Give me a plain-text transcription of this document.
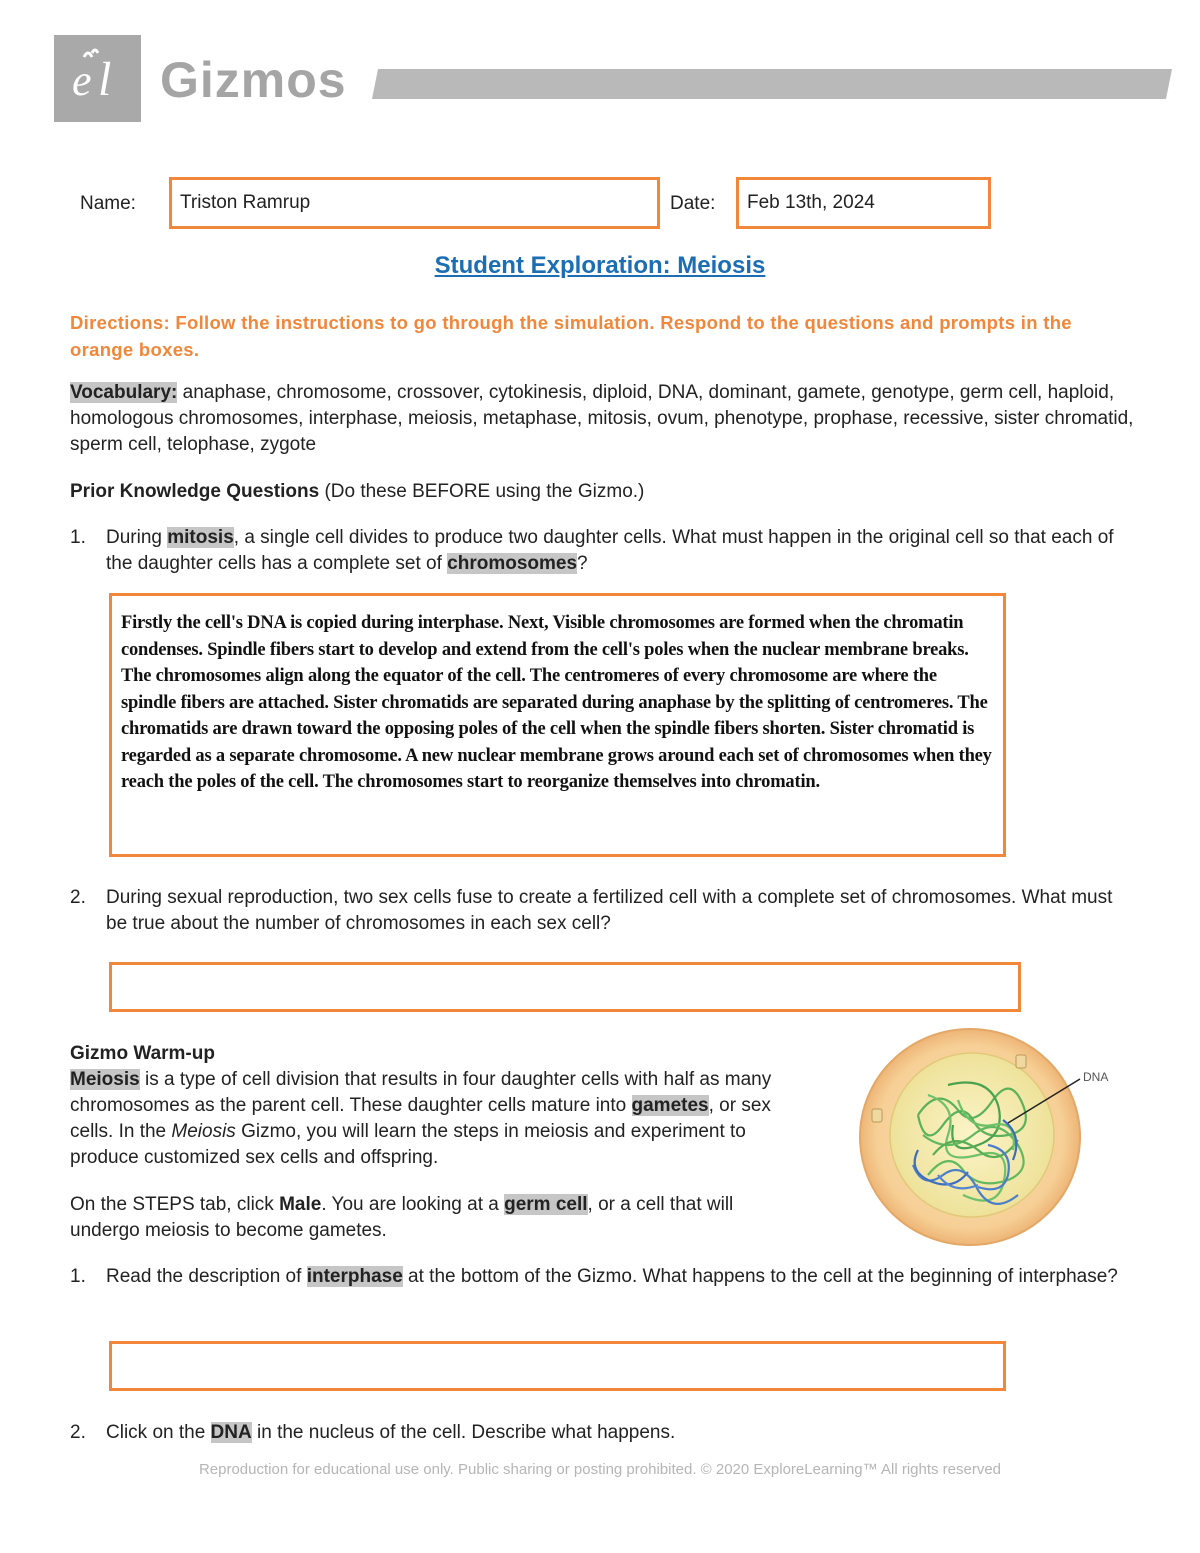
e l Gizmos
Name:	Triston Ramrup	Date:	Feb 13th, 2024
Student Exploration: Meiosis
Directions: Follow the instructions to go through the simulation. Respond to the questions and prompts in the orange boxes.
Vocabulary: anaphase, chromosome, crossover, cytokinesis, diploid, DNA, dominant, gamete, genotype, germ cell, haploid, homologous chromosomes, interphase, meiosis, metaphase, mitosis, ovum, phenotype, prophase, recessive, sister chromatid, sperm cell, telophase, zygote
Prior Knowledge Questions (Do these BEFORE using the Gizmo.)
1. During mitosis, a single cell divides to produce two daughter cells. What must happen in the original cell so that each of the daughter cells has a complete set of chromosomes?
Firstly the cell's DNA is copied during interphase. Next, Visible chromosomes are formed when the chromatin condenses. Spindle fibers start to develop and extend from the cell's poles when the nuclear membrane breaks. The chromosomes align along the equator of the cell. The centromeres of every chromosome are where the spindle fibers are attached. Sister chromatids are separated during anaphase by the splitting of centromeres. The chromatids are drawn toward the opposing poles of the cell when the spindle fibers shorten. Sister chromatid is regarded as a separate chromosome. A new nuclear membrane grows around each set of chromosomes when they reach the poles of the cell. The chromosomes start to reorganize themselves into chromatin.
2. During sexual reproduction, two sex cells fuse to create a fertilized cell with a complete set of chromosomes. What must be true about the number of chromosomes in each sex cell?
Gizmo Warm-up
Meiosis is a type of cell division that results in four daughter cells with half as many chromosomes as the parent cell. These daughter cells mature into gametes, or sex cells. In the Meiosis Gizmo, you will learn the steps in meiosis and experiment to produce customized sex cells and offspring.
On the STEPS tab, click Male. You are looking at a germ cell, or a cell that will undergo meiosis to become gametes.
DNA
1. Read the description of interphase at the bottom of the Gizmo. What happens to the cell at the beginning of interphase?
2. Click on the DNA in the nucleus of the cell. Describe what happens.
Reproduction for educational use only. Public sharing or posting prohibited. © 2020 ExploreLearning™ All rights reserved
